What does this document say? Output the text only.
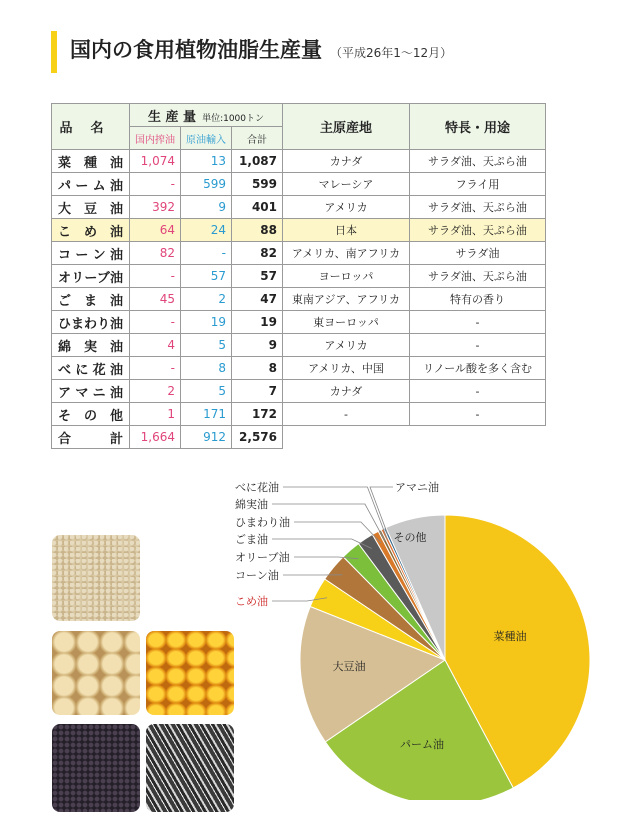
国内の食用植物油脂生産量 （平成26年1～12月）
品名	生 産 量 単位:1000トン			主原産地	特長・用途
	国内搾油	原油輸入	合計		
菜種油	1,074	13	1,087	カナダ	サラダ油、天ぷら油
パーム油	-	599	599	マレーシア	フライ用
大豆油	392	9	401	アメリカ	サラダ油、天ぷら油
こめ油	64	24	88	日本	サラダ油、天ぷら油
コーン油	82	-	82	アメリカ、南アフリカ	サラダ油
オリーブ油	-	57	57	ヨーロッパ	サラダ油、天ぷら油
ごま油	45	2	47	東南アジア、アフリカ	特有の香り
ひまわり油	-	19	19	東ヨーロッパ	-
綿実油	4	5	9	アメリカ	-
べに花油	-	8	8	アメリカ、中国	リノール酸を多く含む
アマニ油	2	5	7	カナダ	-
その他	1	171	172	-	-
合計	1,664	912	2,576		
菜種油
パーム油
大豆油
その他
べに花油
綿実油
ひまわり油
ごま油
オリーブ油
コーン油
こめ油
アマニ油
